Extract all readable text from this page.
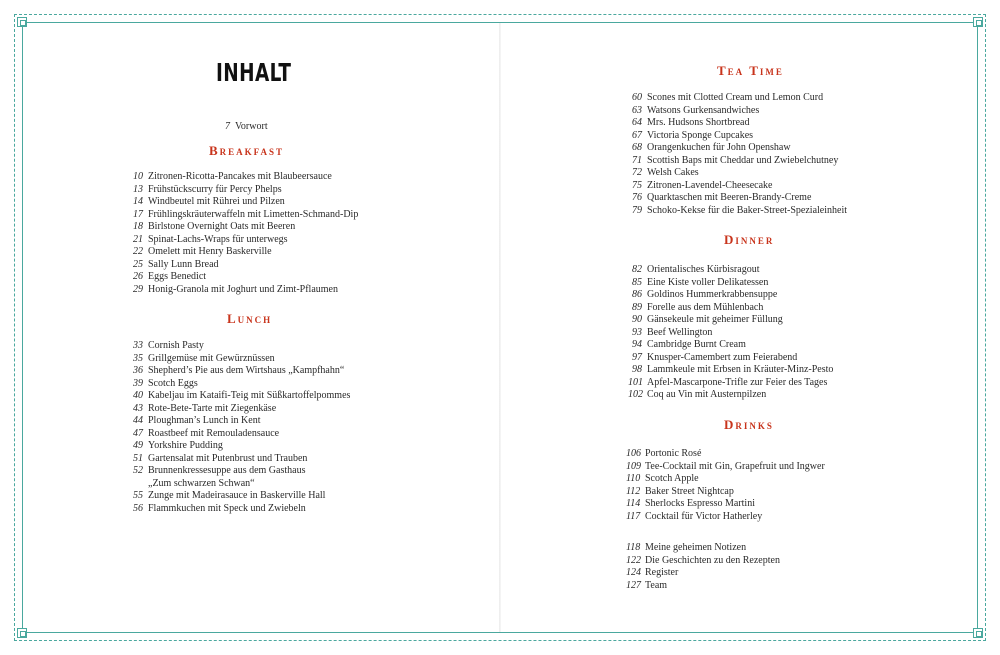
INHALT
7 Vorwort
Breakfast
10 Zitronen-Ricotta-Pancakes mit Blaubeersauce
13 Frühstückscurry für Percy Phelps
14 Windbeutel mit Rührei und Pilzen
17 Frühlingskräuterwaffeln mit Limetten-Schmand-Dip
18 Birlstone Overnight Oats mit Beeren
21 Spinat-Lachs-Wraps für unterwegs
22 Omelett mit Henry Baskerville
25 Sally Lunn Bread
26 Eggs Benedict
29 Honig-Granola mit Joghurt und Zimt-Pflaumen
Lunch
33 Cornish Pasty
35 Grillgemüse mit Gewürznüssen
36 Shepherd’s Pie aus dem Wirtshaus „Kampfhahn“
39 Scotch Eggs
40 Kabeljau im Kataifi-Teig mit Süßkartoffelpommes
43 Rote-Bete-Tarte mit Ziegenkäse
44 Ploughman’s Lunch in Kent
47 Roastbeef mit Remouladensauce
49 Yorkshire Pudding
51 Gartensalat mit Putenbrust und Trauben
52 Brunnenkressesuppe aus dem Gasthaus
„Zum schwarzen Schwan“
55 Zunge mit Madeirasauce in Baskerville Hall
56 Flammkuchen mit Speck und Zwiebeln
Tea Time
60 Scones mit Clotted Cream und Lemon Curd
63 Watsons Gurkensandwiches
64 Mrs. Hudsons Shortbread
67 Victoria Sponge Cupcakes
68 Orangenkuchen für John Openshaw
71 Scottish Baps mit Cheddar und Zwiebelchutney
72 Welsh Cakes
75 Zitronen-Lavendel-Cheesecake
76 Quarktaschen mit Beeren-Brandy-Creme
79 Schoko-Kekse für die Baker-Street-Spezialeinheit
Dinner
82 Orientalisches Kürbisragout
85 Eine Kiste voller Delikatessen
86 Goldinos Hummerkrabbensuppe
89 Forelle aus dem Mühlenbach
90 Gänsekeule mit geheimer Füllung
93 Beef Wellington
94 Cambridge Burnt Cream
97 Knusper-Camembert zum Feierabend
98 Lammkeule mit Erbsen in Kräuter-Minz-Pesto
101 Apfel-Mascarpone-Trifle zur Feier des Tages
102 Coq au Vin mit Austernpilzen
Drinks
106 Portonic Rosé
109 Tee-Cocktail mit Gin, Grapefruit und Ingwer
110 Scotch Apple
112 Baker Street Nightcap
114 Sherlocks Espresso Martini
117 Cocktail für Victor Hatherley
118 Meine geheimen Notizen
122 Die Geschichten zu den Rezepten
124 Register
127 Team
